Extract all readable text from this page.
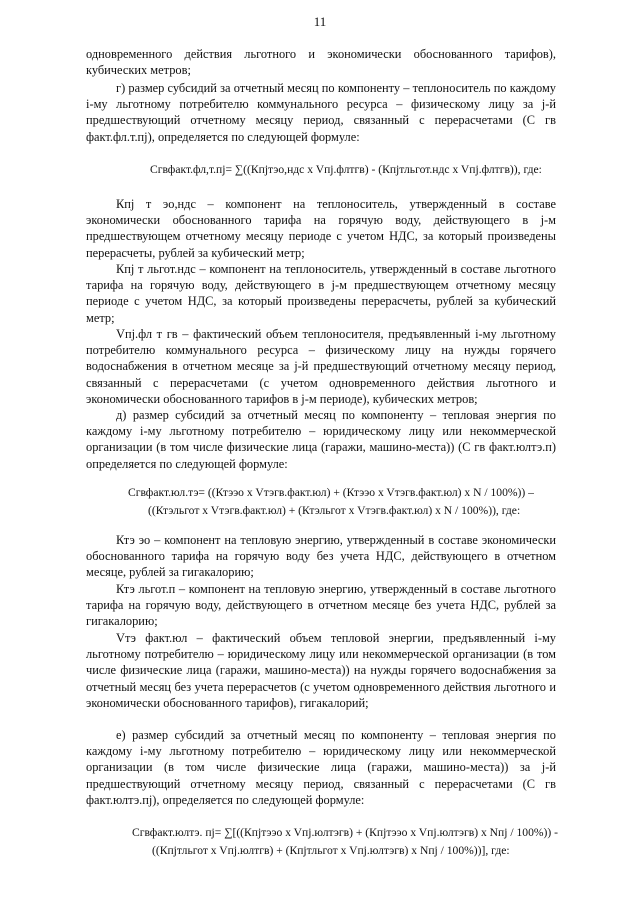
11
одновременного действия льготного и экономически обоснованного тарифов), кубических метров;
г) размер субсидий за отчетный месяц по компоненту – теплоноситель по каждому i-му льготному потребителю коммунального ресурса – физическому лицу за j-й предшествующий отчетному месяцу период, связанный с перерасчетами (С гв факт.фл.т.пj), определяется по следующей формуле:
Сгвфакт.фл,т.пj= ∑((Кпjтэо,ндс x Vпj.флтгв) - (Кпjтльгот.ндс x Vпj.флтгв)), где:
Кпj т эо,ндс – компонент на теплоноситель, утвержденный в составе экономически обоснованного тарифа на горячую воду, действующего в j-м предшествующем отчетному месяцу периоде с учетом НДС, за который произведены перерасчеты, рублей за кубический метр;
Кпj т льгот.ндс – компонент на теплоноситель, утвержденный в составе льготного тарифа на горячую воду, действующего в j-м предшествующем отчетному месяцу периоде с учетом НДС, за который произведены перерасчеты, рублей за кубический метр;
Vпj.фл т гв – фактический объем теплоносителя, предъявленный i-му льготному потребителю коммунального ресурса – физическому лицу на нужды горячего водоснабжения в отчетном месяце за j-й предшествующий отчетному месяцу период, связанный с перерасчетами (с учетом одновременного действия льготного и экономически обоснованного тарифов в j-м периоде), кубических метров;
д) размер субсидий за отчетный месяц по компоненту – тепловая энергия по каждому i-му льготному потребителю – юридическому лицу или некоммерческой организации (в том числе физические лица (гаражи, машино-места)) (С гв факт.юлтэ.п) определяется по следующей формуле:
Сгвфакт.юл.тэ= ((Ктээо x Vтэгв.факт.юл) + (Ктээо x Vтэгв.факт.юл) x N / 100%)) –
((Ктэльгот x Vтэгв.факт.юл) + (Ктэльгот x Vтэгв.факт.юл) x N / 100%)), где:
Ктэ эо – компонент на тепловую энергию, утвержденный в составе экономически обоснованного тарифа на горячую воду без учета НДС, действующего в отчетном месяце, рублей за гигакалорию;
Ктэ льгот.п – компонент на тепловую энергию, утвержденный в составе льготного тарифа на горячую воду, действующего в отчетном месяце без учета НДС, рублей за гигакалорию;
Vтэ факт.юл – фактический объем тепловой энергии, предъявленный i-му льготному потребителю – юридическому лицу или некоммерческой организации (в том числе физические лица (гаражи, машино-места)) на нужды горячего водоснабжения за отчетный месяц без учета перерасчетов (с учетом одновременного действия льготного и экономически обоснованного тарифов), гигакалорий;
е) размер субсидий за отчетный месяц по компоненту – тепловая энергия по каждому i-му льготному потребителю – юридическому лицу или некоммерческой организации (в том числе физические лица (гаражи, машино-места)) за j-й предшествующий отчетному месяцу период, связанный с перерасчетами (С гв факт.юлтэ.пj), определяется по следующей формуле:
Сгвфакт.юлтэ. пj= ∑[((Кпjтээо x Vпj.юлтэгв) + (Кпjтээо x Vпj.юлтэгв) x Nпj / 100%)) -
((Кпjтльгот x Vпj.юлтгв) + (Кпjтльгот x Vпj.юлтэгв) x Nпj / 100%))], где:
